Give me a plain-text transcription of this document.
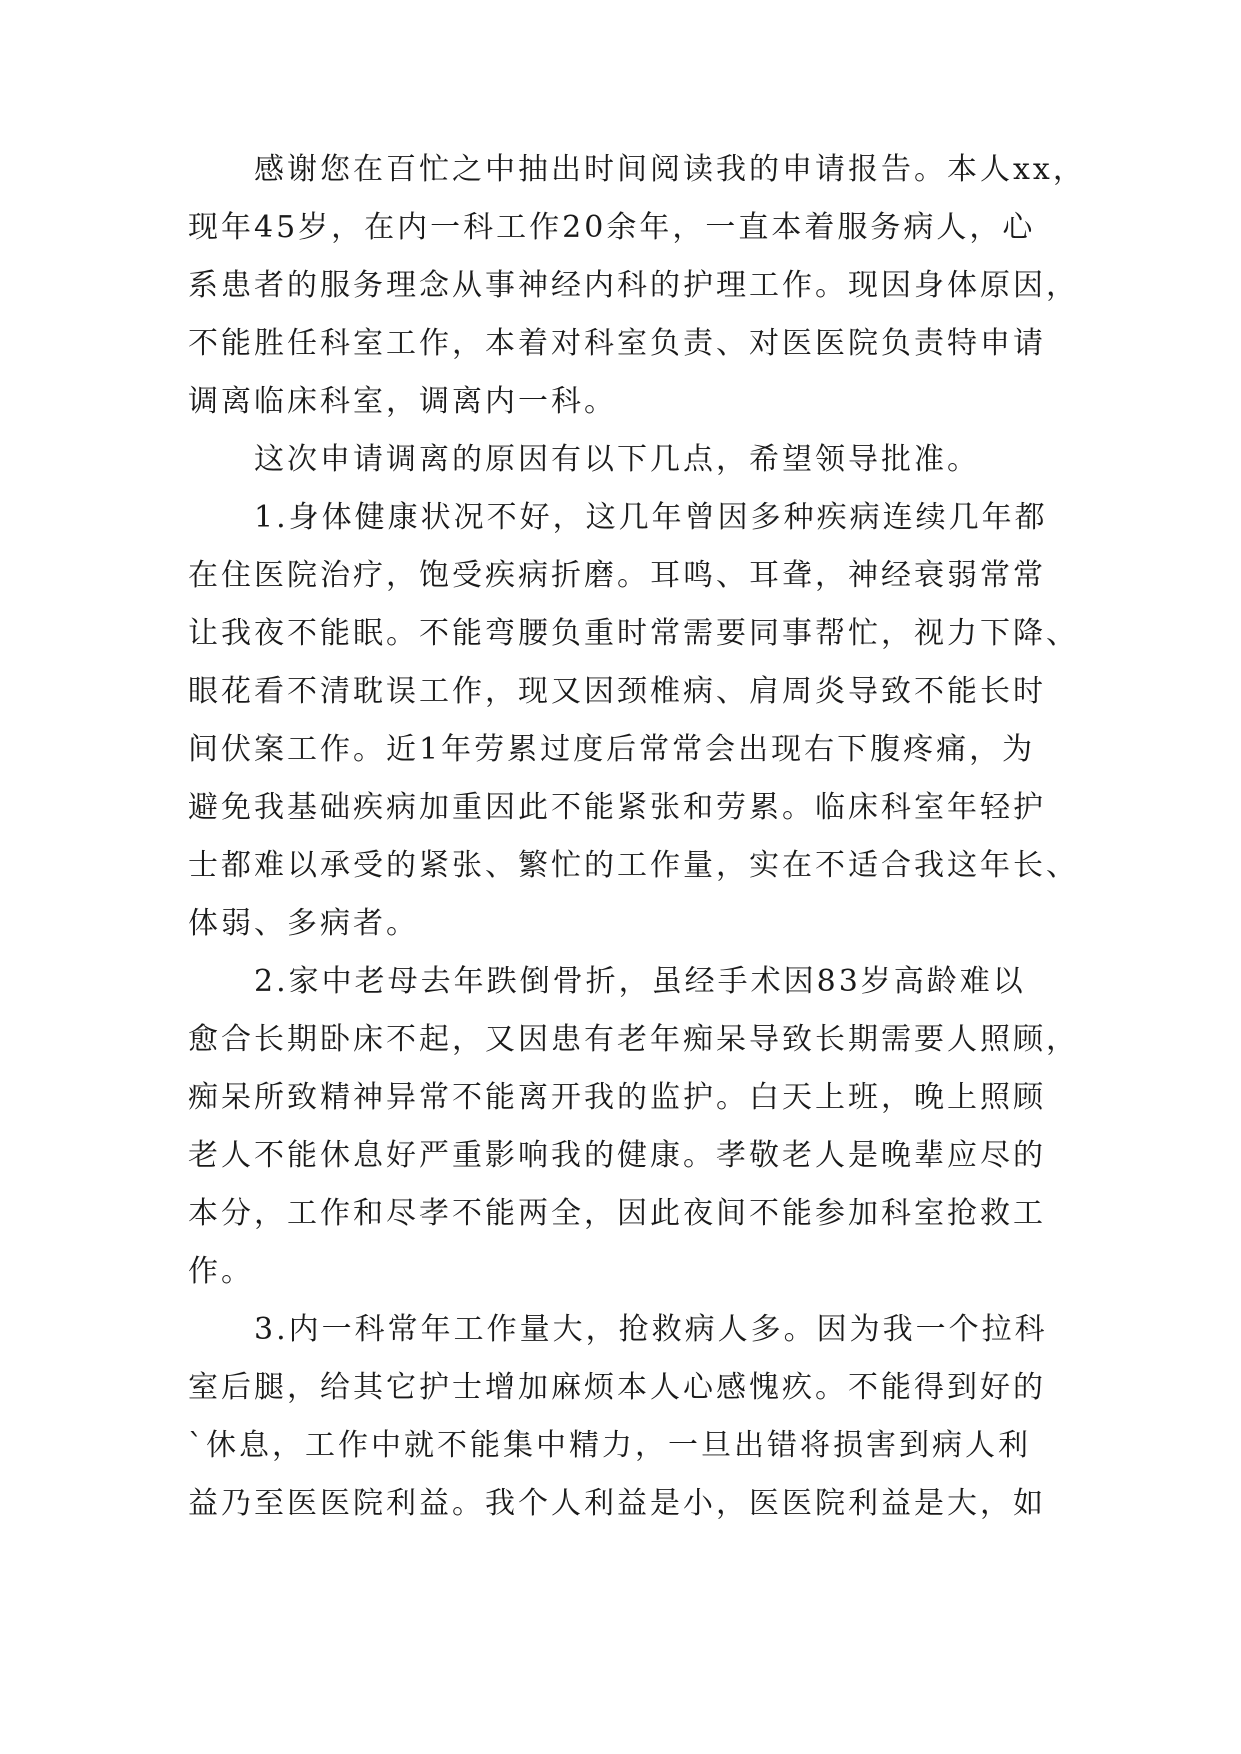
感谢您在百忙之中抽出时间阅读我的申请报告。本人xx，
现年45岁，在内一科工作20余年，一直本着服务病人，心
系患者的服务理念从事神经内科的护理工作。现因身体原因，
不能胜任科室工作，本着对科室负责、对医医院负责特申请
调离临床科室，调离内一科。
这次申请调离的原因有以下几点，希望领导批准。
1.身体健康状况不好，这几年曾因多种疾病连续几年都
在住医院治疗，饱受疾病折磨。耳鸣、耳聋，神经衰弱常常
让我夜不能眠。不能弯腰负重时常需要同事帮忙，视力下降、
眼花看不清耽误工作，现又因颈椎病、肩周炎导致不能长时
间伏案工作。近1年劳累过度后常常会出现右下腹疼痛，为
避免我基础疾病加重因此不能紧张和劳累。临床科室年轻护
士都难以承受的紧张、繁忙的工作量，实在不适合我这年长、
体弱、多病者。
2.家中老母去年跌倒骨折，虽经手术因83岁高龄难以
愈合长期卧床不起，又因患有老年痴呆导致长期需要人照顾，
痴呆所致精神异常不能离开我的监护。白天上班，晚上照顾
老人不能休息好严重影响我的健康。孝敬老人是晚辈应尽的
本分，工作和尽孝不能两全，因此夜间不能参加科室抢救工
作。
3.内一科常年工作量大，抢救病人多。因为我一个拉科
室后腿，给其它护士增加麻烦本人心感愧疚。不能得到好的
`休息，工作中就不能集中精力，一旦出错将损害到病人利
益乃至医医院利益。我个人利益是小，医医院利益是大，如
